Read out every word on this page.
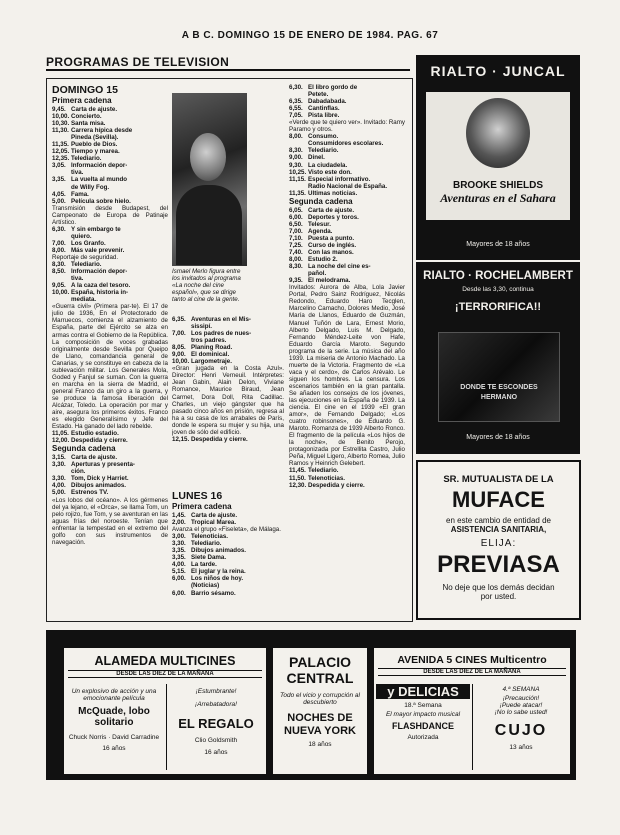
A B C. DOMINGO 15 DE ENERO DE 1984. PAG. 67
PROGRAMAS DE TELEVISION
DOMINGO 15
Primera cadena
9,45. Carta de ajuste.
10,00. Concierto.
10,30. Santa misa.
11,30. Carrera hípica desde
Pineda (Sevilla).
11,35. Pueblo de Dios.
12,05. Tiempo y marea.
12,35. Telediario.
3,05. Información depor-
tiva.
3,35. La vuelta al mundo
de Willy Fog.
4,05. Fama.
5,00. Película sobre hielo.
Transmisión desde Budapest, del Campeonato de Europa de Patinaje Artístico.
6,30. Y sin embargo te
quiero.
7,00. Los Granfo.
8,00. Más vale prevenir.
Reportaje de seguridad.
8,30. Telediario.
8,50. Información depor-
tiva.
9,05. A la caza del tesoro.
10,00. España, historia in-
mediata.
«Guerra civil» (Primera par-te). El 17 de julio de 1936, En el Protectorado de Marruecos, comienza el alzamiento de España, parte del Ejército se alza en armas contra el Gobierno de la República. La composición de voces grabadas originalmente desde Sevilla por Queipo de Llano, comandancia general de Canarias, y se constituye en cabeza de la sublevación militar. Los Generales Mola, Goded y Fanjul se suman. Con la guerra en marcha en la sierra de Madrid, el general Franco da un giro a la guerra, y se produce la famosa liberación del Alcázar, Toledo. La operación por mar y aire, asegura los primeros éxitos. Franco es elegido Generalísimo y Jefe del Estado. Ha ganado del lado rebelde.
11,05. Estudio estadio.
12,00. Despedida y cierre.
Segunda cadena
3,15. Carta de ajuste.
3,30. Aperturas y presenta-
ción.
3,30. Tom, Dick y Harriet.
4,00. Dibujos animados.
5,00. Estrenos TV.
«Los lobos del océano». A los gérmenes del ya lejano, el «Orca», se llama Tom, un pelo rojizo, fue Tom, y se aventuran en las aguas frías del noroeste. Tenían que enfrentar la tempestad en el extremo del golfo con sus instrumentos de navegación.
Ismael Merlo figura entre los invitados al programa «La noche del cine español», que se dirige tanto al cine de la gente.
6,35. Aventuras en el Mis-
sissipí.
7,00. Los padres de nues-
tros padres.
8,05. Planing Road.
9,00. El dominical.
10,00. Largometraje.
«Gran jugada en la Costa Azul». Director: Henri Verneuil. Intérpretes: Jean Gabin, Alain Delon, Viviane Romance, Maurice Biraud, Jean Carmet, Dora Doll, Rita Cadillac. Charles, un viejo gángster que ha pasado cinco años en prisión, regresa al ha a su casa de los arrabales de París, donde le espera su mujer y su hija, una joven de sólo del edificio.
12,15. Despedida y cierre.
LUNES 16
Primera cadena
1,45. Carta de ajuste.
2,00. Tropical Marea.
Avanza el grupo «Fiseleta», de Málaga.
3,00. Telenoticias.
3,30. Telediario.
3,35. Dibujos animados.
3,35. Siete Dama.
4,00. La tarde.
5,15. El juglar y la reina.
6,00. Los niños de hoy.
(Noticias)
6,00. Barrio sésamo.
6,30. El libro gordo de
Petete.
6,35. Dabadabada.
6,55. Cantinflas.
7,05. Pista libre.
«Verde que te quiero ver». Invitado: Ramy Paramo y otros.
8,00. Consumo.
Consumidores escolares.
8,30. Telediario.
9,00. Dinel.
9,30. La ciudadela.
10,25. Visto este don.
11,15. Especial informativo.
Radio Nacional de España.
11,35. Últimas noticias.
Segunda cadena
6,05. Carta de ajuste.
6,00. Deportes y toros.
6,50. Telesur.
7,00. Agenda.
7,10. Puesta a punto.
7,25. Curso de inglés.
7,40. Con las manos.
8,00. Estudio 2.
8,30. La noche del cine es-
pañol.
9,35. El melodrama.
Invitados: Aurora de Alba, Lola Javier Portal, Pedro Sainz Rodríguez, Nicolás Redondo, Eduardo Haro Tecglen, Marcelino Camacho, Dolores Medio, José María de Llanos, Eduardo de Guzmán, Manuel Tuñón de Lara, Ernest Morio, Alberto Delgado, Luis M. Delgado, Fernando Méndez-Leite von Hafe, Eduardo García Maroto. Segundo programa de la serie. La música del año 1939. La miseria de Antonio Machado. La muerte de la Victoria. Fragmento de «La vaca y el cerdo», de Carlos Arévalo. Le siguen los hombres. La censura. Los escenarios también en la gran pantalla. Se añaden los consejos de los jóvenes, las ejecuciones en la España de 1939. La ciencia. El cine en el 1939 «El gran amor», de Fernando Delgado; «Los cuatro robinsones», de Eduardo G. Maroto. Romanza de 1939 Alberto Ronco. El fragmento de la película «Los hijos de la noche», de Benito Perojo, protagonizada por Estrellita Castro, Julio Peña, Miguel Ligero, Alberto Romea, Julio Ramos y Heinrich Gelebert.
11,45. Telediario.
11,50. Telenoticias.
12,30. Despedida y cierre.
RIALTO · JUNCAL
BROOKE SHIELDS
Aventuras en el Sahara
Mayores de 18 años
RIALTO · ROCHELAMBERT
Desde las 3,30, continua
¡TERRORIFICA!!
DONDE TE ESCONDES HERMANO
Mayores de 18 años
SR. MUTUALISTA DE LA
MUFACE
en este cambio de entidad de
ASISTENCIA SANITARIA,
ELIJA:
PREVIASA
No deje que los demás decidan
por usted.
ALAMEDA MULTICINES
DESDE LAS DIEZ DE LA MAÑANA
Un explosivo de acción y una emocionante película
McQuade, lobo solitario
Chuck Norris · David Carradine
16 años
¡Estumbrante!
¡Arrebatadora!
EL REGALO
Clio Goldsmith
16 años
PALACIO CENTRAL
Todo el vicio y corrupción al descubierto
NOCHES DE NUEVA YORK
18 años
AVENIDA 5 CINES Multicentro
DESDE LAS DIEZ DE LA MAÑANA
y DELICIAS
18.ª Semana
El mayor impacto musical
FLASHDANCE
Autorizada
4.ª SEMANA
¡Precaución!
¡Puede atacar!
¡No lo sabe usted!
CUJO
13 años
